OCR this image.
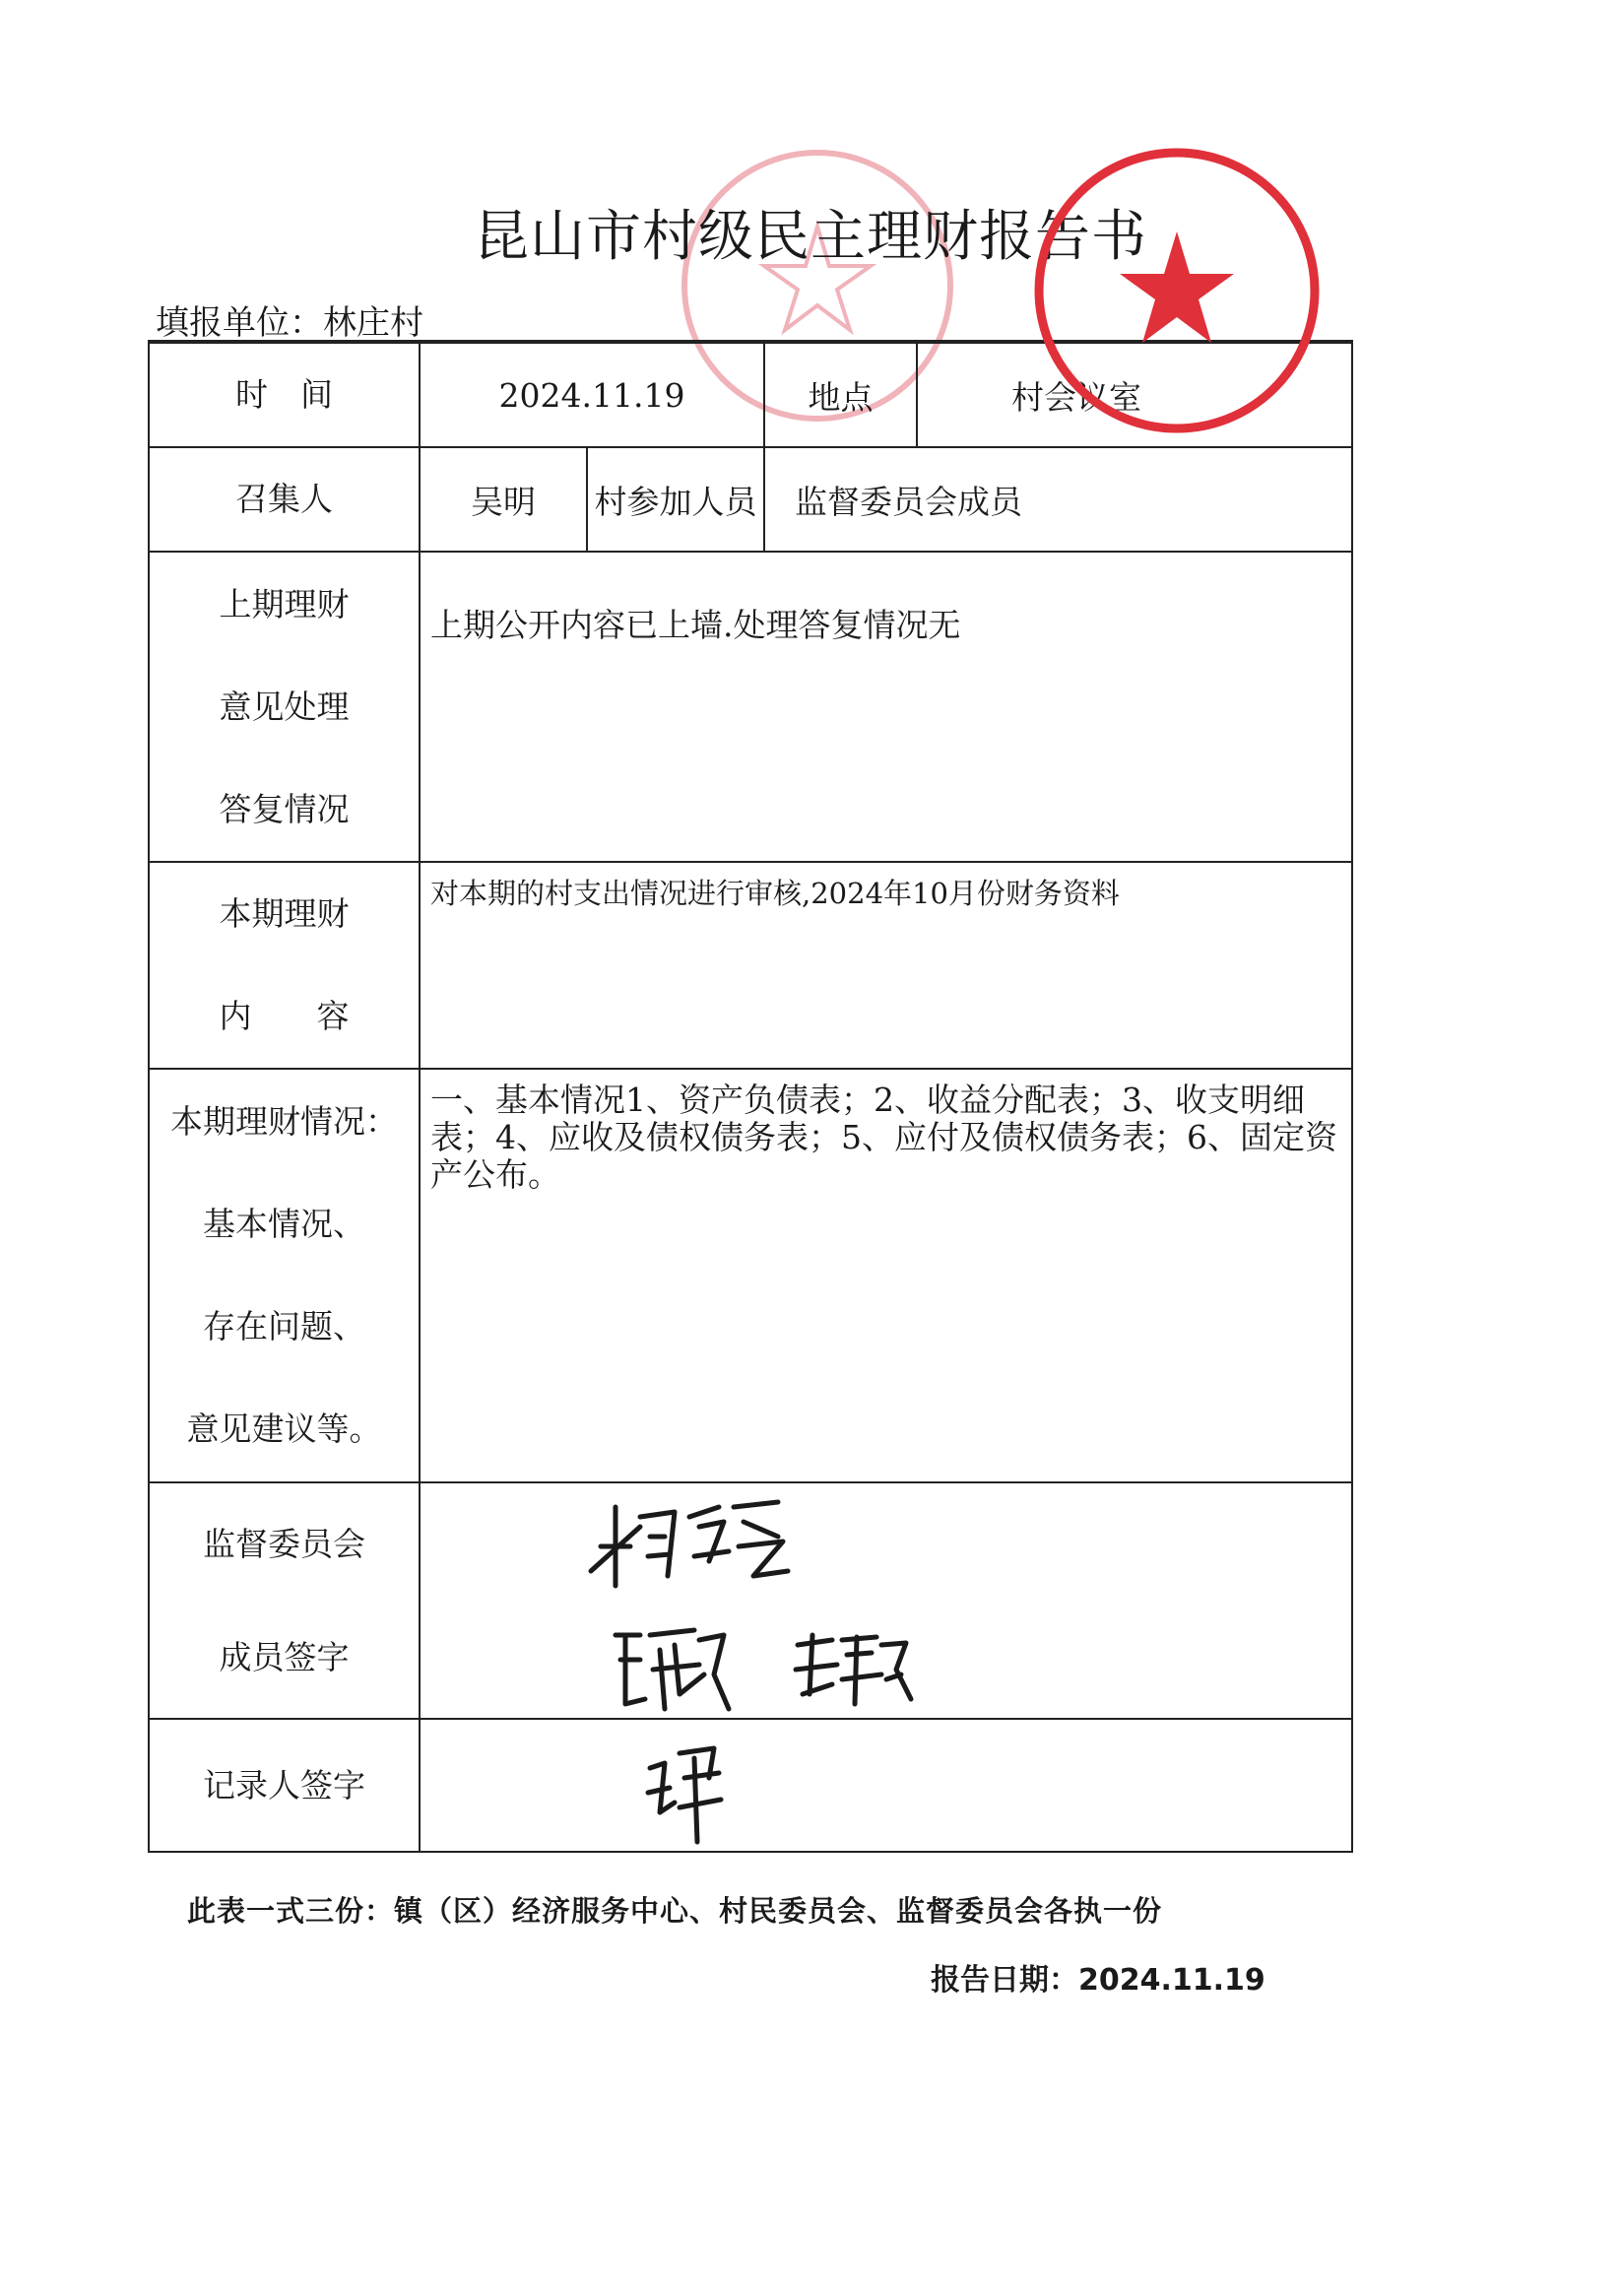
昆山市村级民主理财报告书
填报单位：林庄村
时　间	2024.11.19		地点	村会议室
召集人	吴明	村参加人员	监督委员会成员	

上期理财
意见处理
答复情况	上期公开内容已上墙.处理答复情况无			

本期理财
内　　容	对本期的村支出情况进行审核,2024年10月份财务资料			

本期理财情况：
基本情况、
存在问题、
意见建议等。	一、基本情况1、资产负债表；2、收益分配表；3、收支明细表；4、应收及债权债务表；5、应付及债权债务表；6、固定资产公布。			

监督委员会
成员签字				

记录人签字				
此表一式三份：镇（区）经济服务中心、村民委员会、监督委员会各执一份
报告日期：2024.11.19
